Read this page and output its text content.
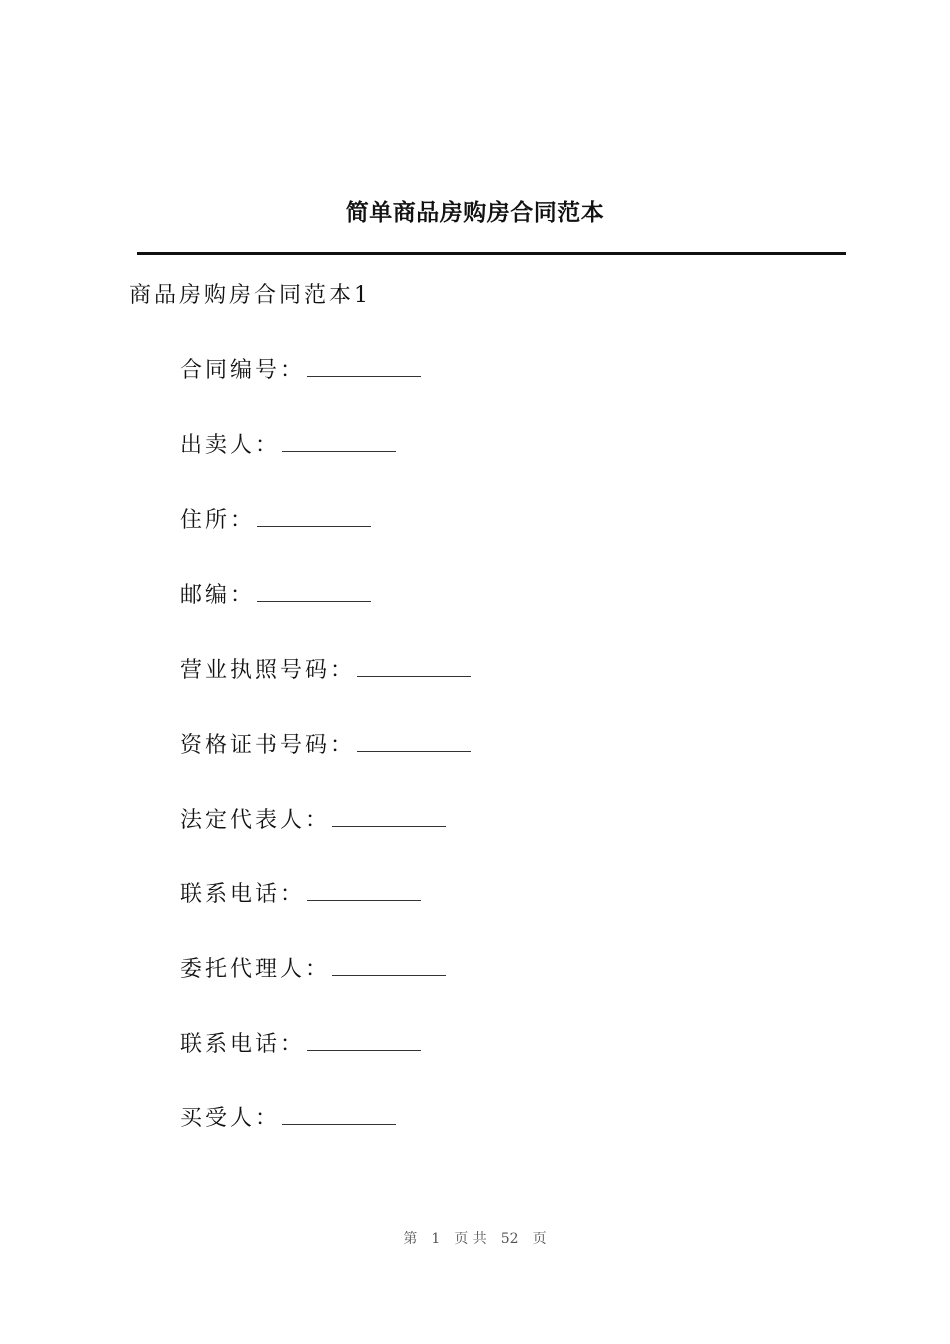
简单商品房购房合同范本
商品房购房合同范本1
合同编号：
出卖人：
住所：
邮编：
营业执照号码：
资格证书号码：
法定代表人：
联系电话：
委托代理人：
联系电话：
买受人：
第 1 页 共 52 页
